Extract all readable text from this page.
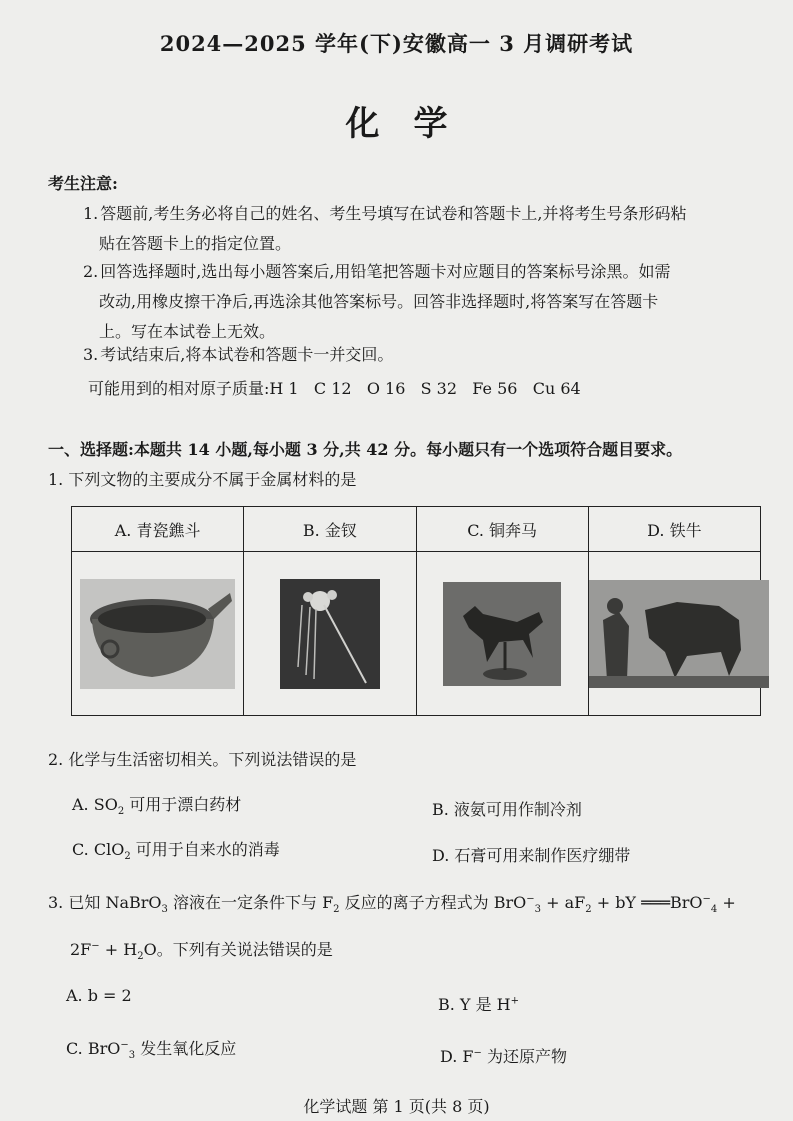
2024—2025 学年(下)安徽高一 3 月调研考试
化学
考生注意:
1. 答题前,考生务必将自己的姓名、考生号填写在试卷和答题卡上,并将考生号条形码粘
贴在答题卡上的指定位置。
2. 回答选择题时,选出每小题答案后,用铅笔把答题卡对应题目的答案标号涂黑。如需
改动,用橡皮擦干净后,再选涂其他答案标号。回答非选择题时,将答案写在答题卡
上。写在本试卷上无效。
3. 考试结束后,将本试卷和答题卡一并交回。
可能用到的相对原子质量:H 1   C 12   O 16   S 32   Fe 56   Cu 64
一、选择题:本题共 14 小题,每小题 3 分,共 42 分。每小题只有一个选项符合题目要求。
1. 下列文物的主要成分不属于金属材料的是
A. 青瓷鐎斗	B. 金钗	C. 铜奔马	D. 铁牛

2. 化学与生活密切相关。下列说法错误的是
A. $SO_2$ 可用于漂白药材	B. 液氨可用作制冷剂
C. ClO$_2$ 可用于自来水的消毒	D. 石膏可用来制作医疗绷带
3. 已知 NaBrO$_3$ 溶液在一定条件下与 $F_2$ 反应的离子方程式为 $BrO^-_3 + aF_2$ + bY ═══BrO−$_4$ +
$2F^- + H_2O$。下列有关说法错误的是
A. b = 2	B. Y 是 H+
C. BrO−$_3$ 发生氧化反应	D. F− 为还原产物
化学试题 第 1 页(共 8 页)
